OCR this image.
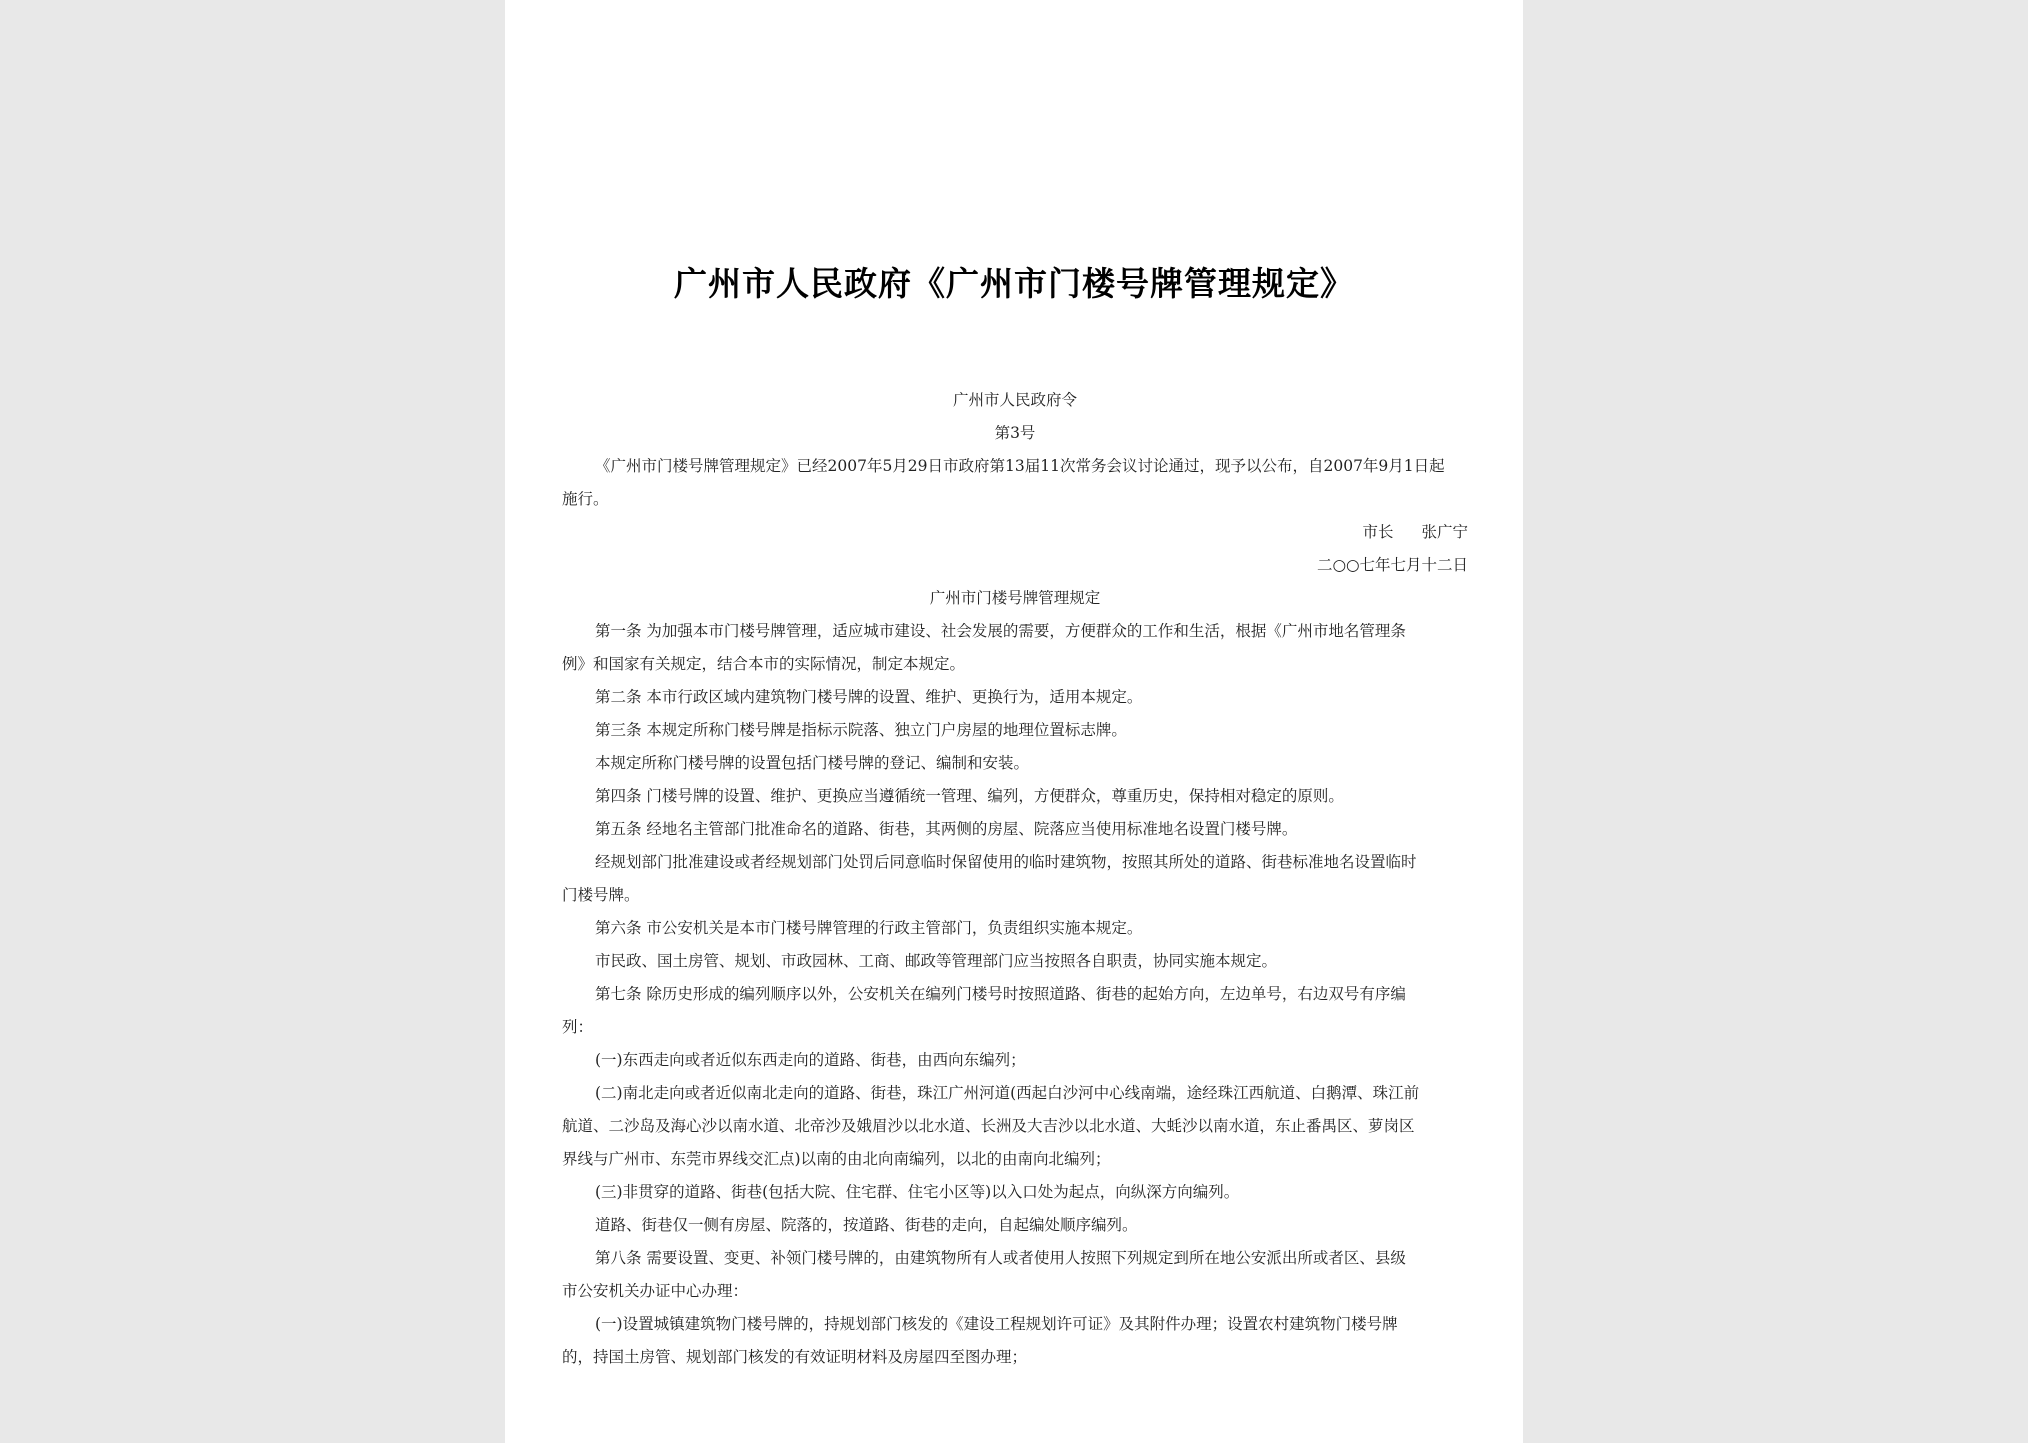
广州市人民政府《广州市门楼号牌管理规定》
广州市人民政府令
第3号
《广州市门楼号牌管理规定》已经2007年5月29日市政府第13届11次常务会议讨论通过，现予以公布，自2007年9月1日起
施行。
市长 张广宁
二○○七年七月十二日
广州市门楼号牌管理规定
第一条 为加强本市门楼号牌管理，适应城市建设、社会发展的需要，方便群众的工作和生活，根据《广州市地名管理条
例》和国家有关规定，结合本市的实际情况，制定本规定。
第二条 本市行政区域内建筑物门楼号牌的设置、维护、更换行为，适用本规定。
第三条 本规定所称门楼号牌是指标示院落、独立门户房屋的地理位置标志牌。
本规定所称门楼号牌的设置包括门楼号牌的登记、编制和安装。
第四条 门楼号牌的设置、维护、更换应当遵循统一管理、编列，方便群众，尊重历史，保持相对稳定的原则。
第五条 经地名主管部门批准命名的道路、街巷，其两侧的房屋、院落应当使用标准地名设置门楼号牌。
经规划部门批准建设或者经规划部门处罚后同意临时保留使用的临时建筑物，按照其所处的道路、街巷标准地名设置临时
门楼号牌。
第六条 市公安机关是本市门楼号牌管理的行政主管部门，负责组织实施本规定。
市民政、国土房管、规划、市政园林、工商、邮政等管理部门应当按照各自职责，协同实施本规定。
第七条 除历史形成的编列顺序以外，公安机关在编列门楼号时按照道路、街巷的起始方向，左边单号，右边双号有序编
列：
(一)东西走向或者近似东西走向的道路、街巷，由西向东编列；
(二)南北走向或者近似南北走向的道路、街巷，珠江广州河道(西起白沙河中心线南端，途经珠江西航道、白鹅潭、珠江前
航道、二沙岛及海心沙以南水道、北帝沙及娥眉沙以北水道、长洲及大吉沙以北水道、大蚝沙以南水道，东止番禺区、萝岗区
界线与广州市、东莞市界线交汇点)以南的由北向南编列，以北的由南向北编列；
(三)非贯穿的道路、街巷(包括大院、住宅群、住宅小区等)以入口处为起点，向纵深方向编列。
道路、街巷仅一侧有房屋、院落的，按道路、街巷的走向，自起编处顺序编列。
第八条 需要设置、变更、补领门楼号牌的，由建筑物所有人或者使用人按照下列规定到所在地公安派出所或者区、县级
市公安机关办证中心办理：
(一)设置城镇建筑物门楼号牌的，持规划部门核发的《建设工程规划许可证》及其附件办理；设置农村建筑物门楼号牌
的，持国土房管、规划部门核发的有效证明材料及房屋四至图办理；
